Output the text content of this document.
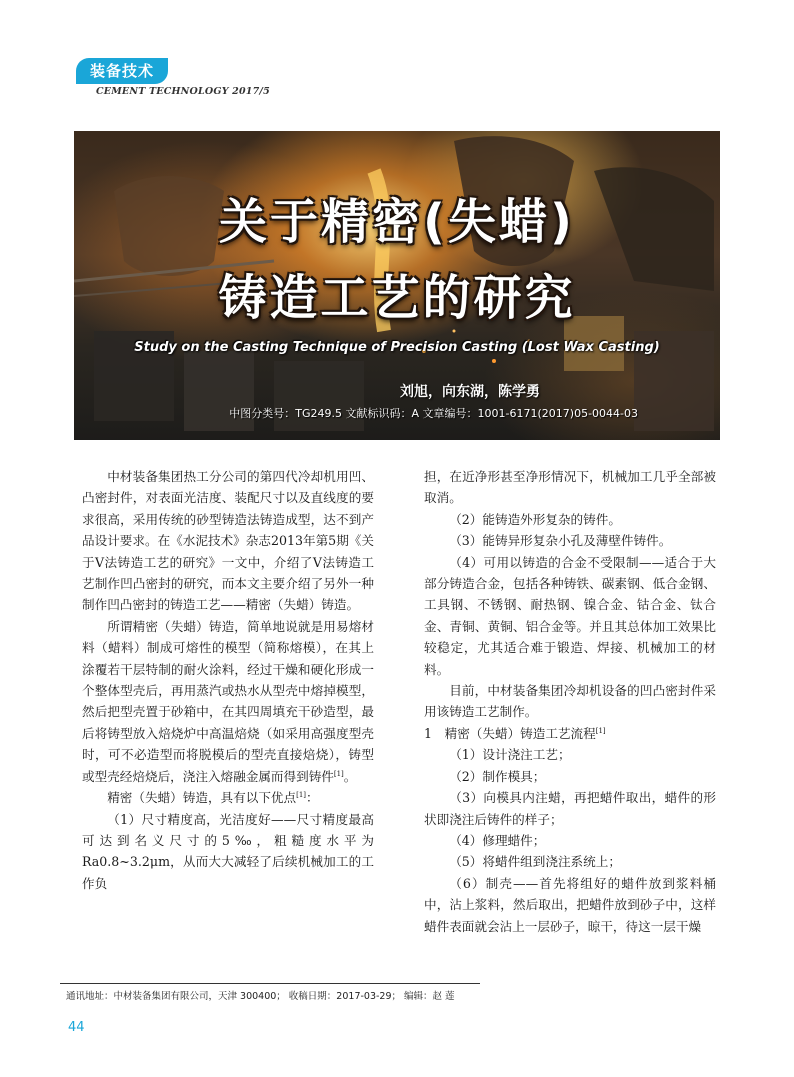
装备技术
CEMENT TECHNOLOGY 2017/5
关于精密(失蜡)
铸造工艺的研究
Study on the Casting Technique of Precision Casting (Lost Wax Casting)
刘旭，向东湖，陈学勇
中图分类号：TG249.5 文献标识码：A 文章编号：1001-6171(2017)05-0044-03

中材装备集团热工分公司的第四代冷却机用凹、凸密封件，对表面光洁度、装配尺寸以及直线度的要求很高，采用传统的砂型铸造法铸造成型，达不到产品设计要求。在《水泥技术》杂志2013年第5期《关于V法铸造工艺的研究》一文中，介绍了V法铸造工艺制作凹凸密封的研究，而本文主要介绍了另外一种制作凹凸密封的铸造工艺——精密（失蜡）铸造。

所谓精密（失蜡）铸造，简单地说就是用易熔材料（蜡料）制成可熔性的模型（简称熔模），在其上涂覆若干层特制的耐火涂料，经过干燥和硬化形成一个整体型壳后，再用蒸汽或热水从型壳中熔掉模型，然后把型壳置于砂箱中，在其四周填充干砂造型，最后将铸型放入焙烧炉中高温焙烧（如采用高强度型壳时，可不必造型而将脱模后的型壳直接焙烧），铸型或型壳经焙烧后，浇注入熔融金属而得到铸件[1]。

精密（失蜡）铸造，具有以下优点[1]：

（1）尺寸精度高，光洁度好——尺寸精度最高可达到名义尺寸的5‰，粗糙度水平为Ra0.8~3.2μm，从而大大减轻了后续机械加工的工作负

担，在近净形甚至净形情况下，机械加工几乎全部被取消。

（2）能铸造外形复杂的铸件。

（3）能铸异形复杂小孔及薄壁件铸件。

（4）可用以铸造的合金不受限制——适合于大部分铸造合金，包括各种铸铁、碳素钢、低合金钢、工具钢、不锈钢、耐热钢、镍合金、钴合金、钛合金、青铜、黄铜、铝合金等。并且其总体加工效果比较稳定，尤其适合难于锻造、焊接、机械加工的材料。

目前，中材装备集团冷却机设备的凹凸密封件采用该铸造工艺制作。

1　精密（失蜡）铸造工艺流程[1]

（1）设计浇注工艺；

（2）制作模具；

（3）向模具内注蜡，再把蜡件取出，蜡件的形状即浇注后铸件的样子；

（4）修理蜡件；

（5）将蜡件组到浇注系统上；

（6）制壳——首先将组好的蜡件放到浆料桶中，沾上浆料，然后取出，把蜡件放到砂子中，这样蜡件表面就会沾上一层砂子，晾干，待这一层干燥

通讯地址：中材装备集团有限公司，天津 300400； 收稿日期：2017-03-29； 编辑：赵 莲
44
